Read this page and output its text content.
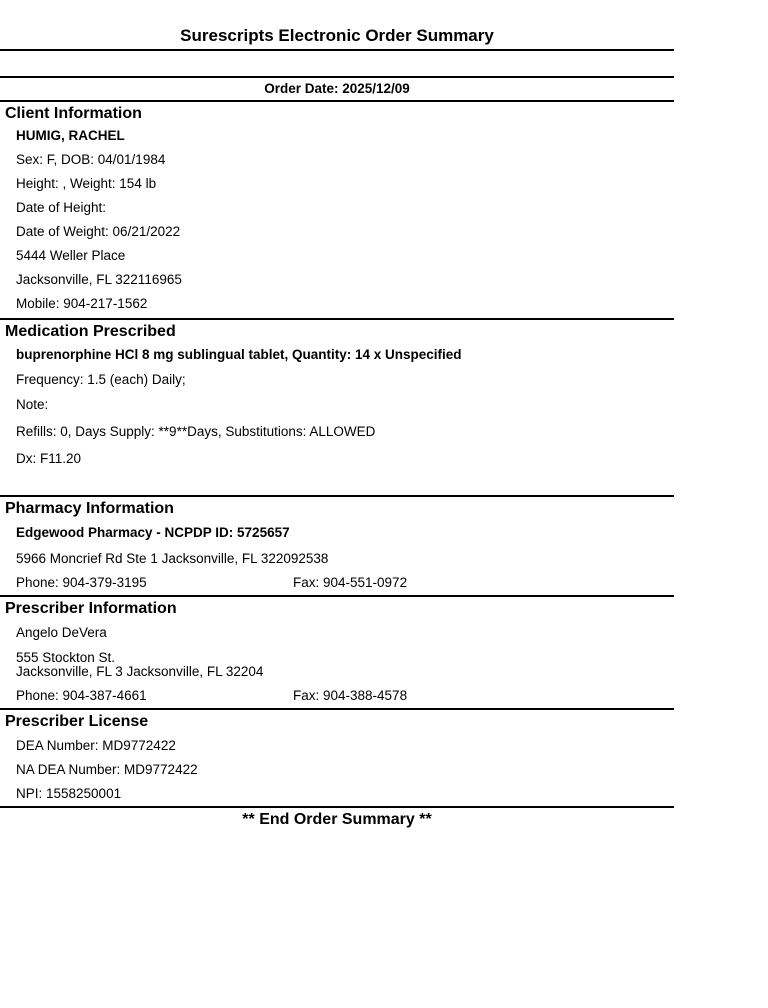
Surescripts Electronic Order Summary
Order Date: 2025/12/09
Client Information
HUMIG, RACHEL
Sex: F, DOB: 04/01/1984
Height: , Weight: 154 lb
Date of Height:
Date of Weight: 06/21/2022
5444 Weller Place
Jacksonville, FL 322116965
Mobile: 904-217-1562
Medication Prescribed
buprenorphine HCl 8 mg sublingual tablet, Quantity: 14 x Unspecified
Frequency: 1.5 (each) Daily;
Note:
Refills: 0, Days Supply: **9**Days, Substitutions: ALLOWED
Dx: F11.20
Pharmacy Information
Edgewood Pharmacy - NCPDP ID: 5725657
5966 Moncrief Rd Ste 1 Jacksonville, FL 322092538
Phone: 904-379-3195	Fax: 904-551-0972
Prescriber Information
Angelo DeVera
555 Stockton St.
Jacksonville, FL 3 Jacksonville, FL 32204
Phone: 904-387-4661	Fax: 904-388-4578
Prescriber License
DEA Number: MD9772422
NA DEA Number: MD9772422
NPI: 1558250001
** End Order Summary **
